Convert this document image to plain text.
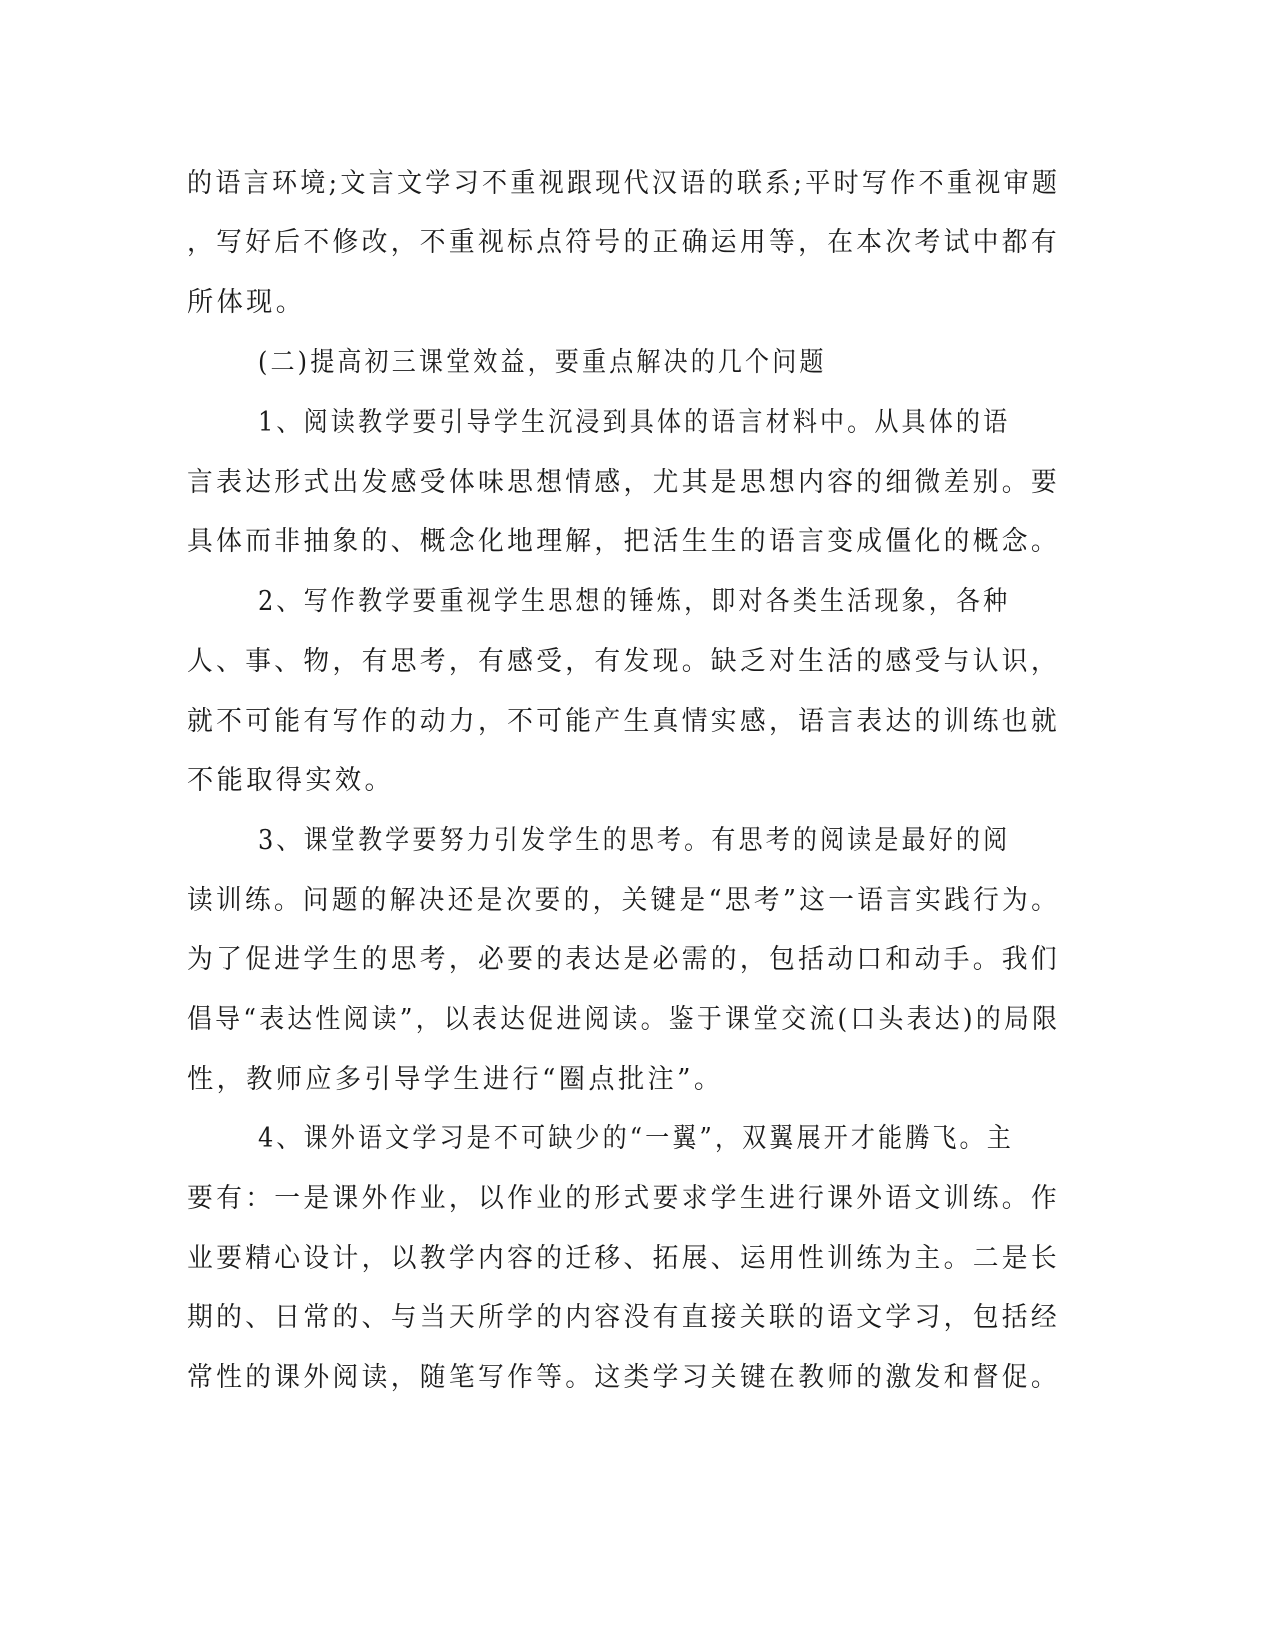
的语言环境;文言文学习不重视跟现代汉语的联系;平时写作不重视审题
，写好后不修改，不重视标点符号的正确运用等，在本次考试中都有
所体现。
(二)提高初三课堂效益，要重点解决的几个问题
1、阅读教学要引导学生沉浸到具体的语言材料中。从具体的语
言表达形式出发感受体味思想情感，尤其是思想内容的细微差别。要
具体而非抽象的、概念化地理解，把活生生的语言变成僵化的概念。
2、写作教学要重视学生思想的锤炼，即对各类生活现象，各种
人、事、物，有思考，有感受，有发现。缺乏对生活的感受与认识，
就不可能有写作的动力，不可能产生真情实感，语言表达的训练也就
不能取得实效。
3、课堂教学要努力引发学生的思考。有思考的阅读是最好的阅
读训练。问题的解决还是次要的，关键是“思考”这一语言实践行为。
为了促进学生的思考，必要的表达是必需的，包括动口和动手。我们
倡导“表达性阅读”，以表达促进阅读。鉴于课堂交流(口头表达)的局限
性，教师应多引导学生进行“圈点批注”。
4、课外语文学习是不可缺少的“一翼”，双翼展开才能腾飞。主
要有：一是课外作业，以作业的形式要求学生进行课外语文训练。作
业要精心设计，以教学内容的迁移、拓展、运用性训练为主。二是长
期的、日常的、与当天所学的内容没有直接关联的语文学习，包括经
常性的课外阅读，随笔写作等。这类学习关键在教师的激发和督促。
